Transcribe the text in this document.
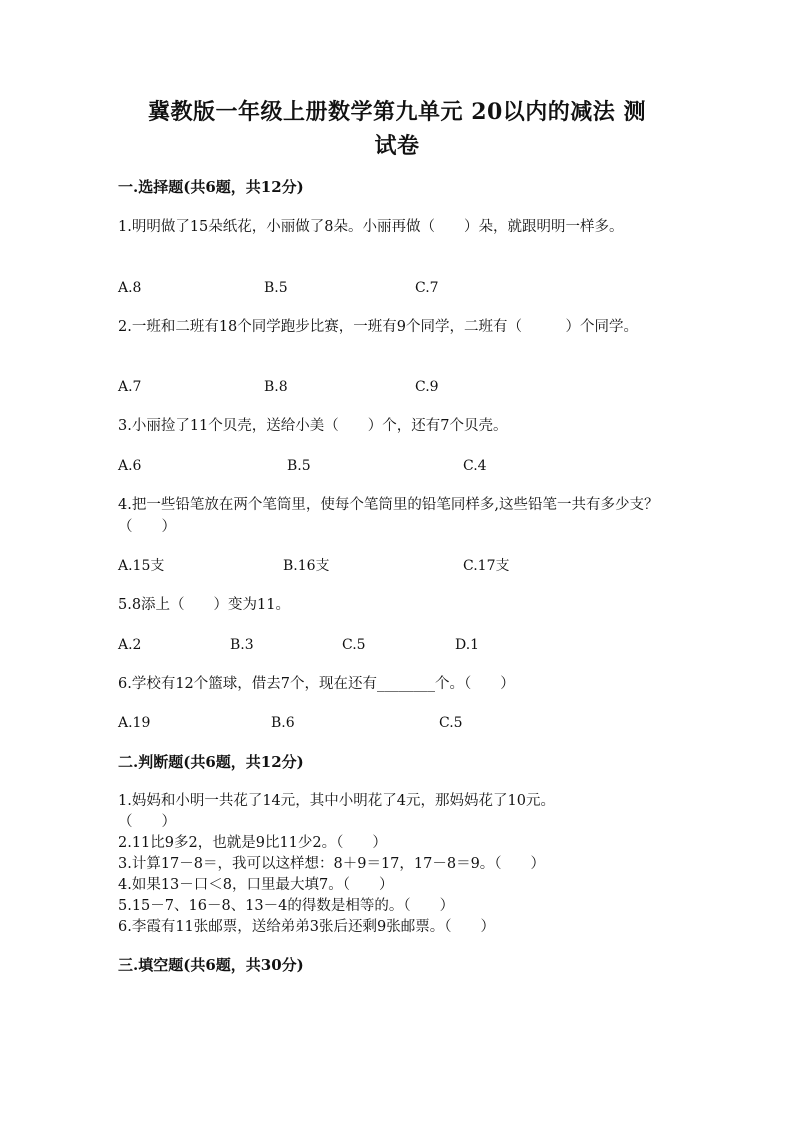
冀教版一年级上册数学第九单元 20以内的减法 测
试卷
一.选择题(共6题，共12分)
1.明明做了15朵纸花，小丽做了8朵。小丽再做（　　）朵，就跟明明一样多。
A.8	B.5	C.7
2.一班和二班有18个同学跑步比赛，一班有9个同学，二班有（　　　）个同学。
A.7	B.8	C.9
3.小丽捡了11个贝壳，送给小美（　　）个，还有7个贝壳。
A.6	B.5	C.4
4.把一些铅笔放在两个笔筒里，使每个笔筒里的铅笔同样多,这些铅笔一共有多少支？（　　）
A.15支	B.16支	C.17支
5.8添上（　　）变为11。
A.2	B.3	C.5	D.1
6.学校有12个篮球，借去7个，现在还有________个。（　　）
A.19	B.6	C.5
二.判断题(共6题，共12分)
1.妈妈和小明一共花了14元，其中小明花了4元，那妈妈花了10元。
（　　）
2.11比9多2，也就是9比11少2。（　　）
3.计算17－8＝，我可以这样想：8＋9＝17，17－8＝9。（　　）
4.如果13－口＜8，口里最大填7。（　　）
5.15－7、16－8、13－4的得数是相等的。（　　）
6.李霞有11张邮票，送给弟弟3张后还剩9张邮票。（　　）
三.填空题(共6题，共30分)
